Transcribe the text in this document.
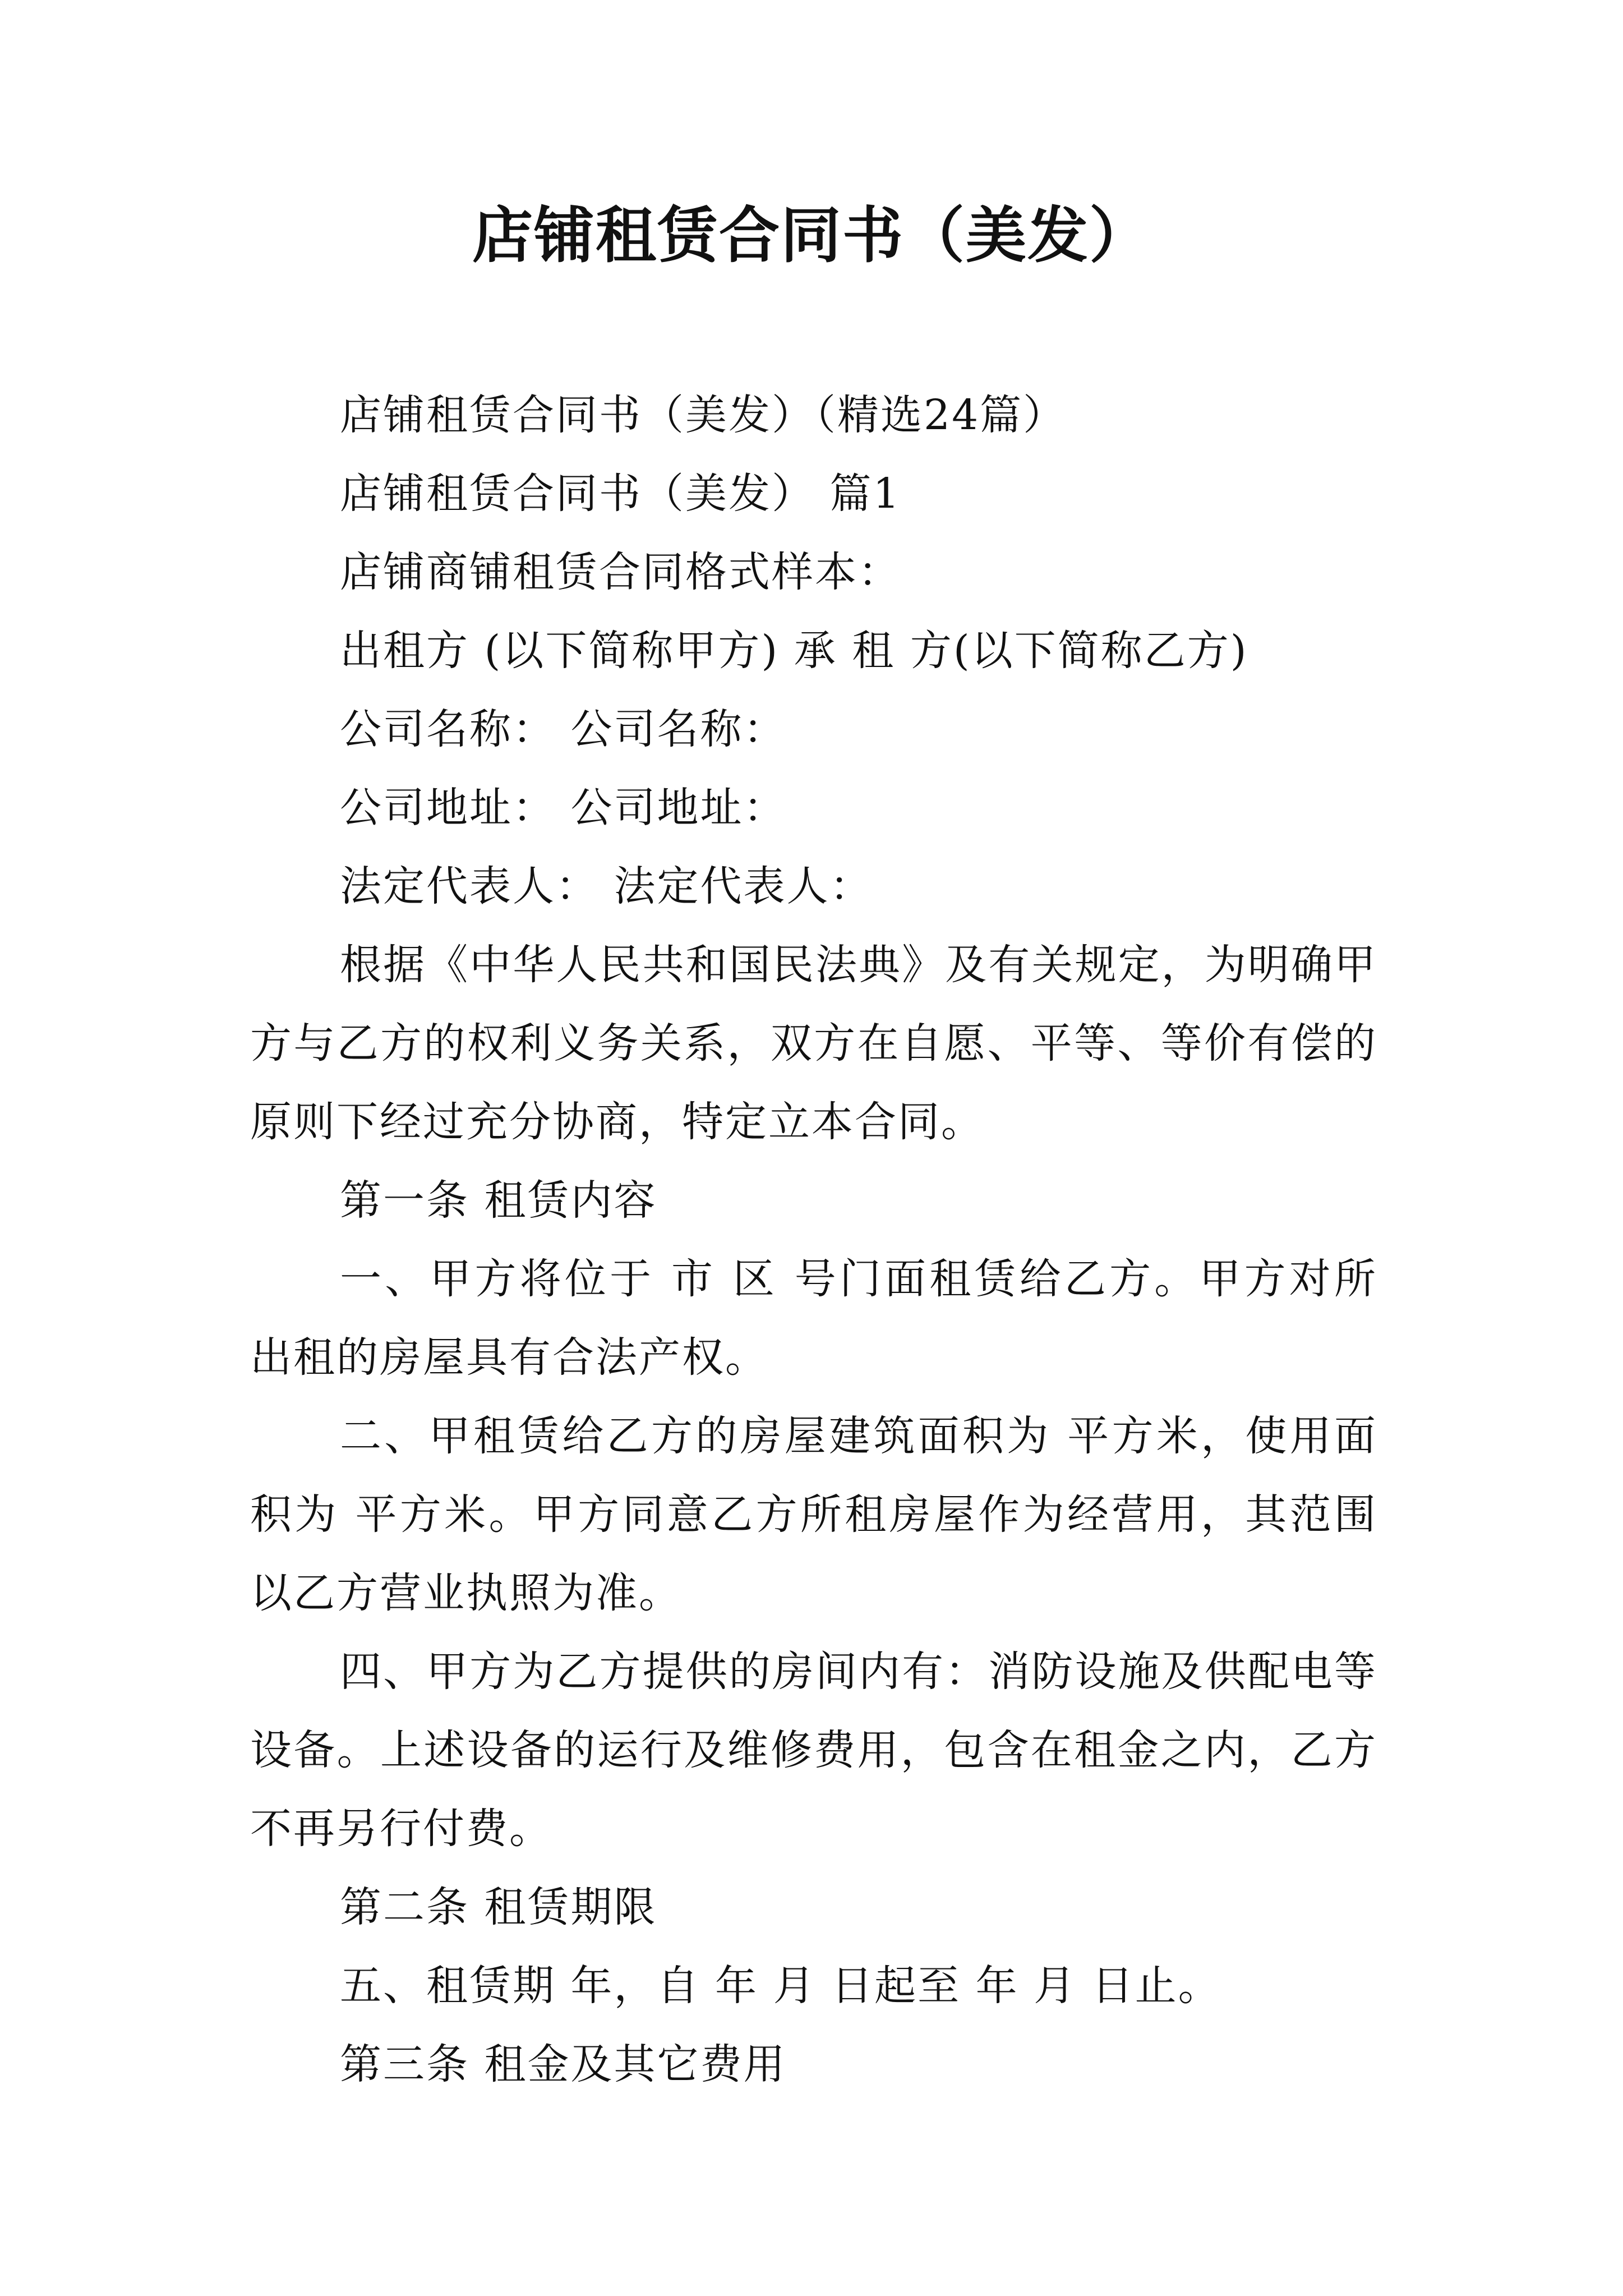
店铺租赁合同书（美发）

店铺租赁合同书（美发）（精选24篇）

店铺租赁合同书（美发） 篇1

店铺商铺租赁合同格式样本：

出租方 (以下简称甲方) 承 租 方(以下简称乙方)

公司名称： 公司名称：

公司地址： 公司地址：

法定代表人： 法定代表人：

根据《中华人民共和国民法典》及有关规定，为明确甲方与乙方的权利义务关系，双方在自愿、平等、等价有偿的原则下经过充分协商，特定立本合同。

第一条 租赁内容

一、甲方将位于 市 区 号门面租赁给乙方。甲方对所出租的房屋具有合法产权。

二、甲租赁给乙方的房屋建筑面积为 平方米，使用面积为 平方米。甲方同意乙方所租房屋作为经营用，其范围以乙方营业执照为准。

四、甲方为乙方提供的房间内有：消防设施及供配电等设备。上述设备的运行及维修费用，包含在租金之内，乙方不再另行付费。

第二条 租赁期限

五、租赁期 年，自 年 月 日起至 年 月 日止。

第三条 租金及其它费用
